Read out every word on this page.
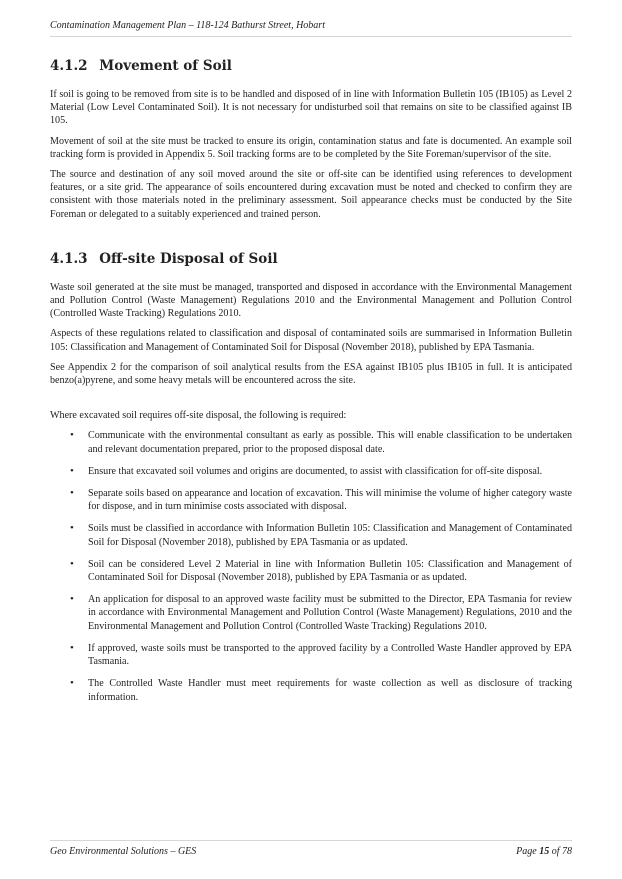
Contamination Management Plan – 118-124 Bathurst Street, Hobart
4.1.2 Movement of Soil

If soil is going to be removed from site is to be handled and disposed of in line with Information Bulletin 105 (IB105) as Level 2 Material (Low Level Contaminated Soil). It is not necessary for undisturbed soil that remains on site to be classified against IB 105.

Movement of soil at the site must be tracked to ensure its origin, contamination status and fate is documented. An example soil tracking form is provided in Appendix 5. Soil tracking forms are to be completed by the Site Foreman/supervisor of the site.

The source and destination of any soil moved around the site or off-site can be identified using references to development features, or a site grid. The appearance of soils encountered during excavation must be noted and checked to confirm they are consistent with those materials noted in the preliminary assessment. Soil appearance checks must be conducted by the Site Foreman or delegated to a suitably experienced and trained person.

4.1.3 Off-site Disposal of Soil

Waste soil generated at the site must be managed, transported and disposed in accordance with the Environmental Management and Pollution Control (Waste Management) Regulations 2010 and the Environmental Management and Pollution Control (Controlled Waste Tracking) Regulations 2010.

Aspects of these regulations related to classification and disposal of contaminated soils are summarised in Information Bulletin 105: Classification and Management of Contaminated Soil for Disposal (November 2018), published by EPA Tasmania.

See Appendix 2 for the comparison of soil analytical results from the ESA against IB105 plus IB105 in full. It is anticipated benzo(a)pyrene, and some heavy metals will be encountered across the site.

Where excavated soil requires off-site disposal, the following is required:

• Communicate with the environmental consultant as early as possible. This will enable classification to be undertaken and relevant documentation prepared, prior to the proposed disposal date.
• Ensure that excavated soil volumes and origins are documented, to assist with classification for off-site disposal.
• Separate soils based on appearance and location of excavation. This will minimise the volume of higher category waste for dispose, and in turn minimise costs associated with disposal.
• Soils must be classified in accordance with Information Bulletin 105: Classification and Management of Contaminated Soil for Disposal (November 2018), published by EPA Tasmania or as updated.
• Soil can be considered Level 2 Material in line with Information Bulletin 105: Classification and Management of Contaminated Soil for Disposal (November 2018), published by EPA Tasmania or as updated.
• An application for disposal to an approved waste facility must be submitted to the Director, EPA Tasmania for review in accordance with Environmental Management and Pollution Control (Waste Management) Regulations, 2010 and the Environmental Management and Pollution Control (Controlled Waste Tracking) Regulations 2010.
• If approved, waste soils must be transported to the approved facility by a Controlled Waste Handler approved by EPA Tasmania.
• The Controlled Waste Handler must meet requirements for waste collection as well as disclosure of tracking information.
Geo Environmental Solutions – GES	Page 15 of 78
